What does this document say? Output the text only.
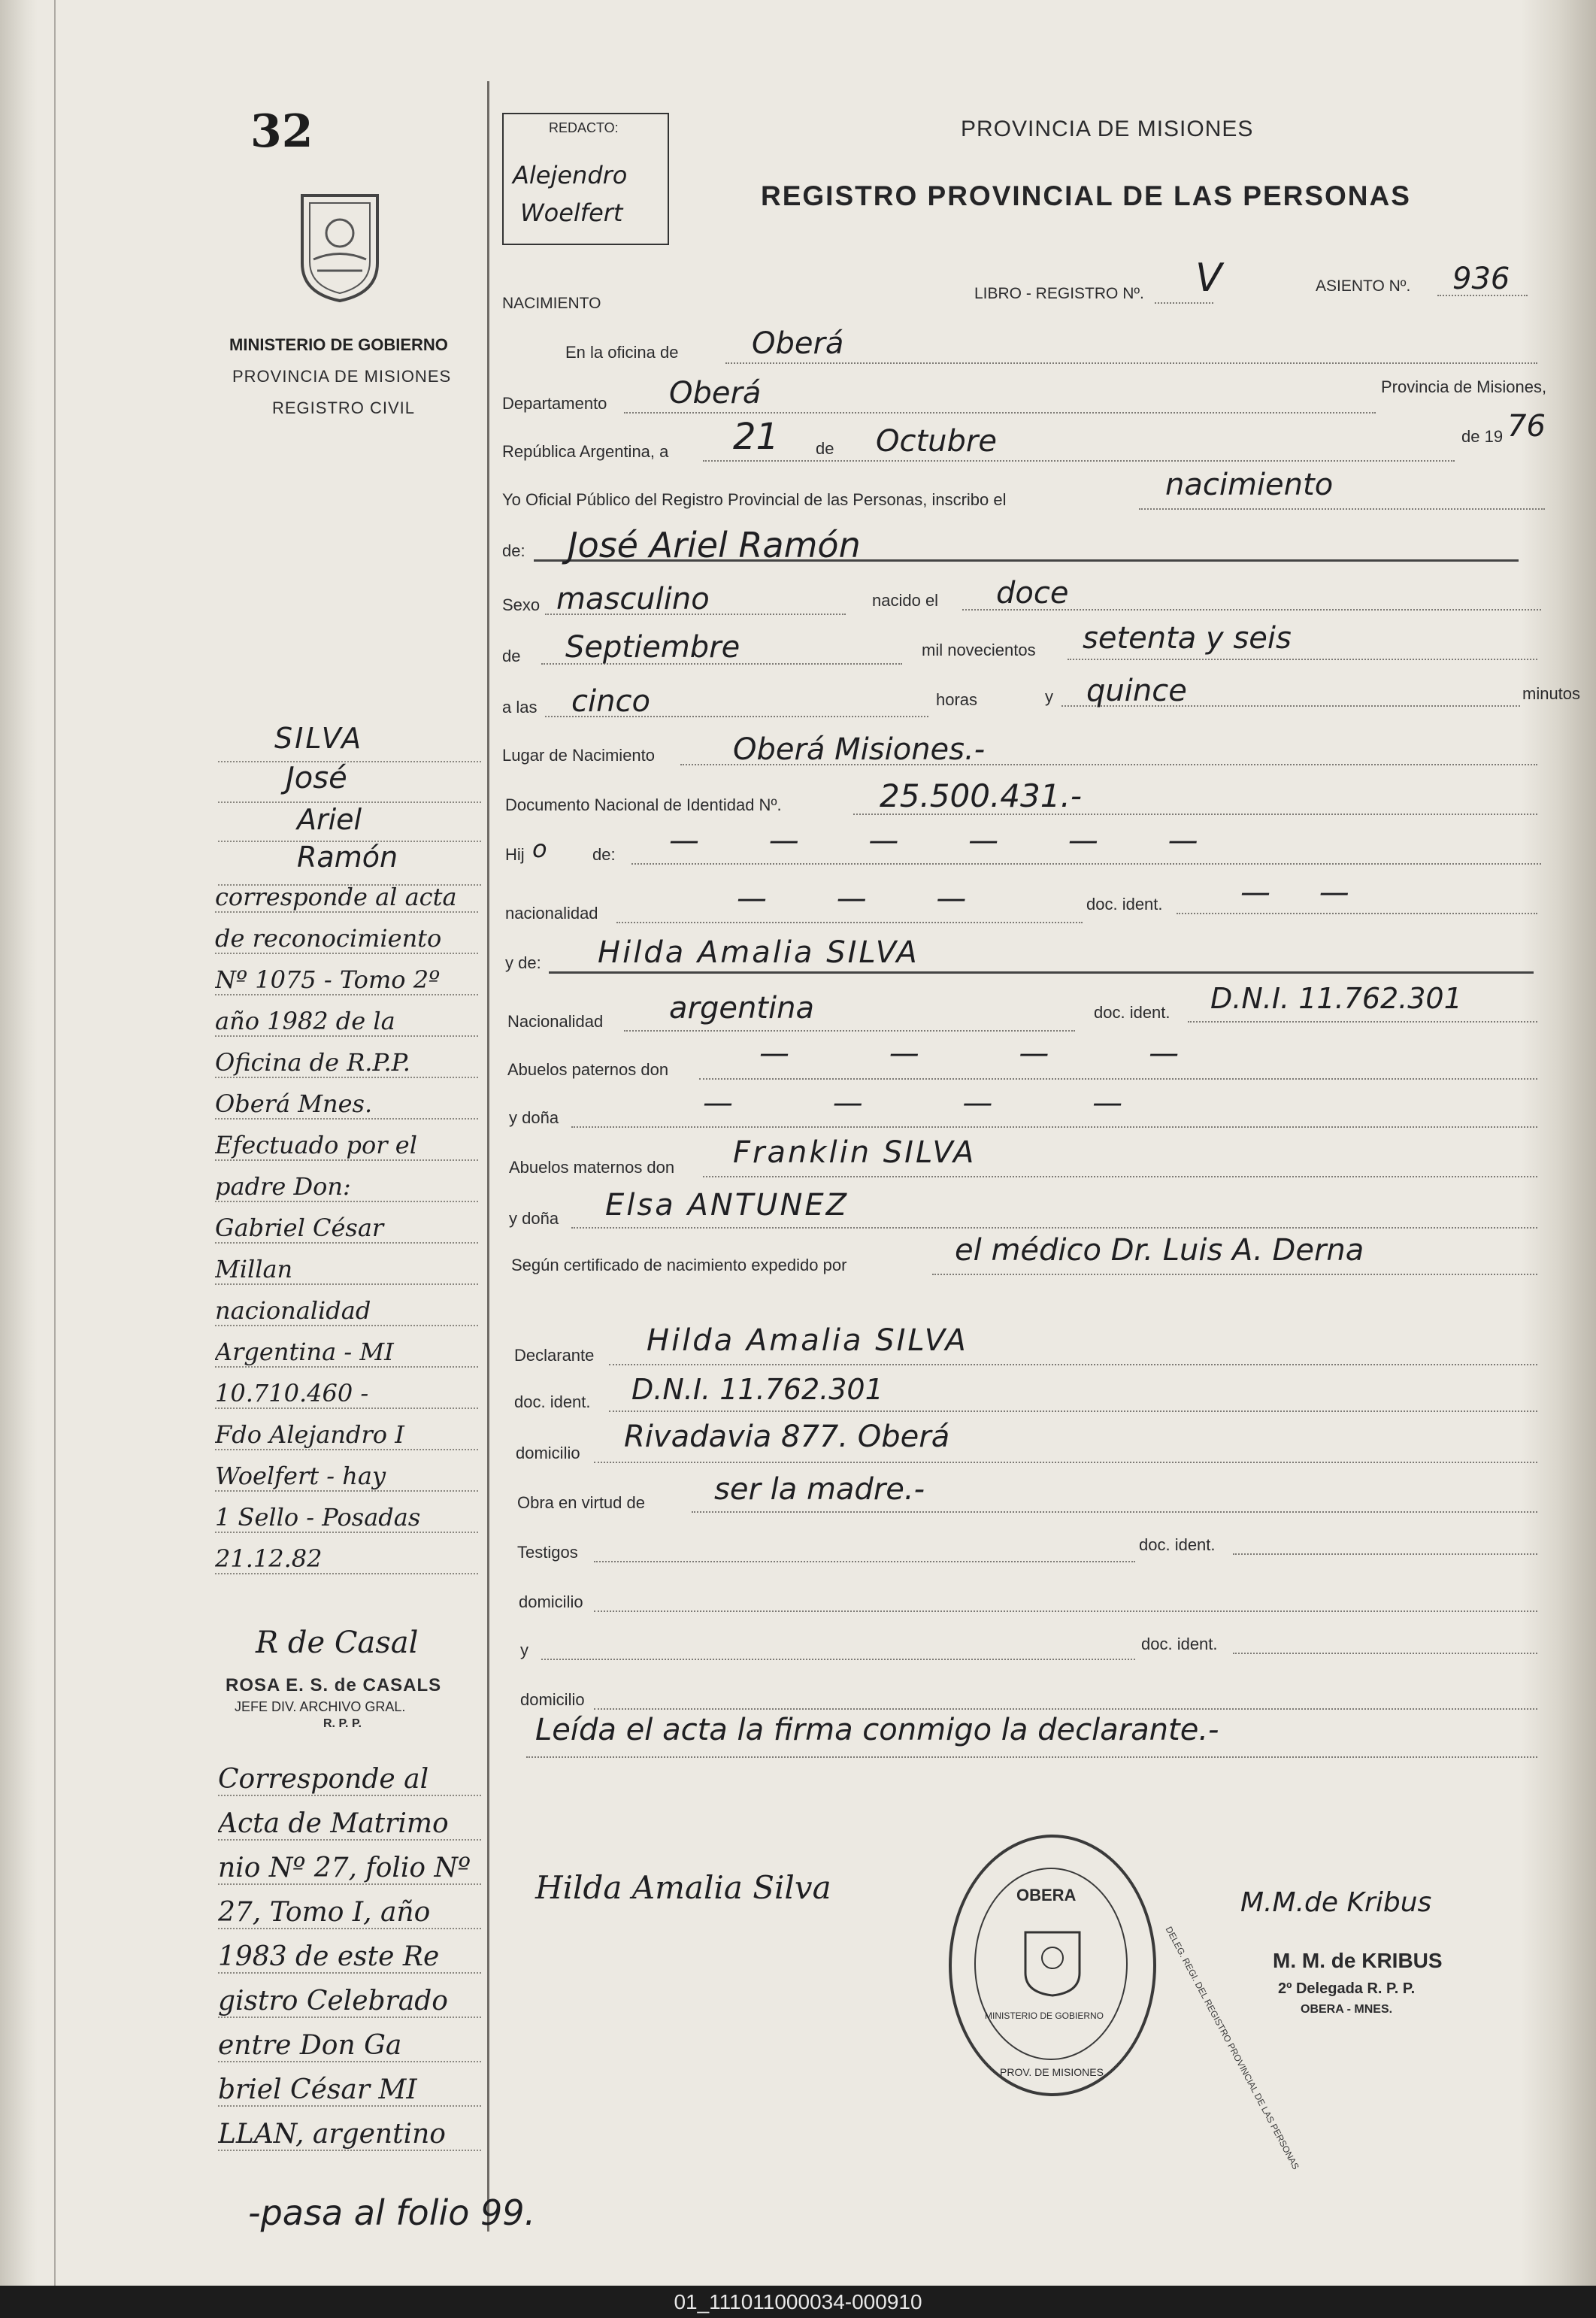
32
MINISTERIO DE GOBIERNO
PROVINCIA DE MISIONES
REGISTRO CIVIL
REDACTO:
Alejendro
Woelfert
PROVINCIA DE MISIONES
REGISTRO PROVINCIAL DE LAS PERSONAS
NACIMIENTO
LIBRO - REGISTRO Nº. V	ASIENTO Nº. 936
En la oficina de Oberá
Departamento Oberá	Provincia de Misiones,
República Argentina, a 21 de Octubre	de 19 76
Yo Oficial Público del Registro Provincial de las Personas, inscribo el	nacimiento
de: José Ariel Ramón
Sexo masculino	nacido el doce
de Septiembre	mil novecientos setenta y seis
a las cinco	horas	y quince	minutos
Lugar de Nacimiento	Oberá Misiones.-
Documento Nacional de Identidad Nº.	25.500.431.-
Hij o	de: — — — — — —
nacionalidad	— — —	doc. ident.	— —
y de: Hilda Amalia SILVA
Nacionalidad argentina	doc. ident. D.N.I. 11.762.301
Abuelos paternos don	— — — —
y doña	— — — —
Abuelos maternos don Franklin SILVA
y doña Elsa ANTUNEZ
Según certificado de nacimiento expedido por	el médico Dr. Luis A. Derna
Declarante Hilda Amalia SILVA
doc. ident. D.N.I. 11.762.301
domicilio Rivadavia 877. Oberá
Obra en virtud de ser la madre.-
Testigos	doc. ident.
domicilio
y	doc. ident.
domicilio
Leída el acta la firma conmigo la declarante.-
Hilda Amalia Silva	OBERA
MINISTERIO DE GOBIERNO
PROV. DE MISIONES	DELEG. REGI. DEL REGISTRO PROVINCIAL DE LAS PERSONAS
M.M.de Kribus
M. M. de KRIBUS
2º Delegada R. P. P.
OBERA - MNES.
SILVA
José
Ariel
Ramón
corresponde al acta
de reconocimiento
Nº 1075 - Tomo 2º
año 1982 de la
Oficina de R.P.P.
Oberá Mnes.
Efectuado por el
padre Don:
Gabriel César
Millan
nacionalidad
Argentina - MI
10.710.460 -
Fdo Alejandro I
Woelfert - hay
1 Sello - Posadas
21.12.82
R de Casal
ROSA E. S. de CASALS
JEFE DIV. ARCHIVO GRAL.
R. P. P.
Corresponde al
Acta de Matrimo
nio Nº 27, folio Nº
27, Tomo I, año
1983 de este Re
gistro Celebrado
entre Don Ga
briel César MI
LLAN, argentino
-pasa al folio 99.
01_111011000034-000910
